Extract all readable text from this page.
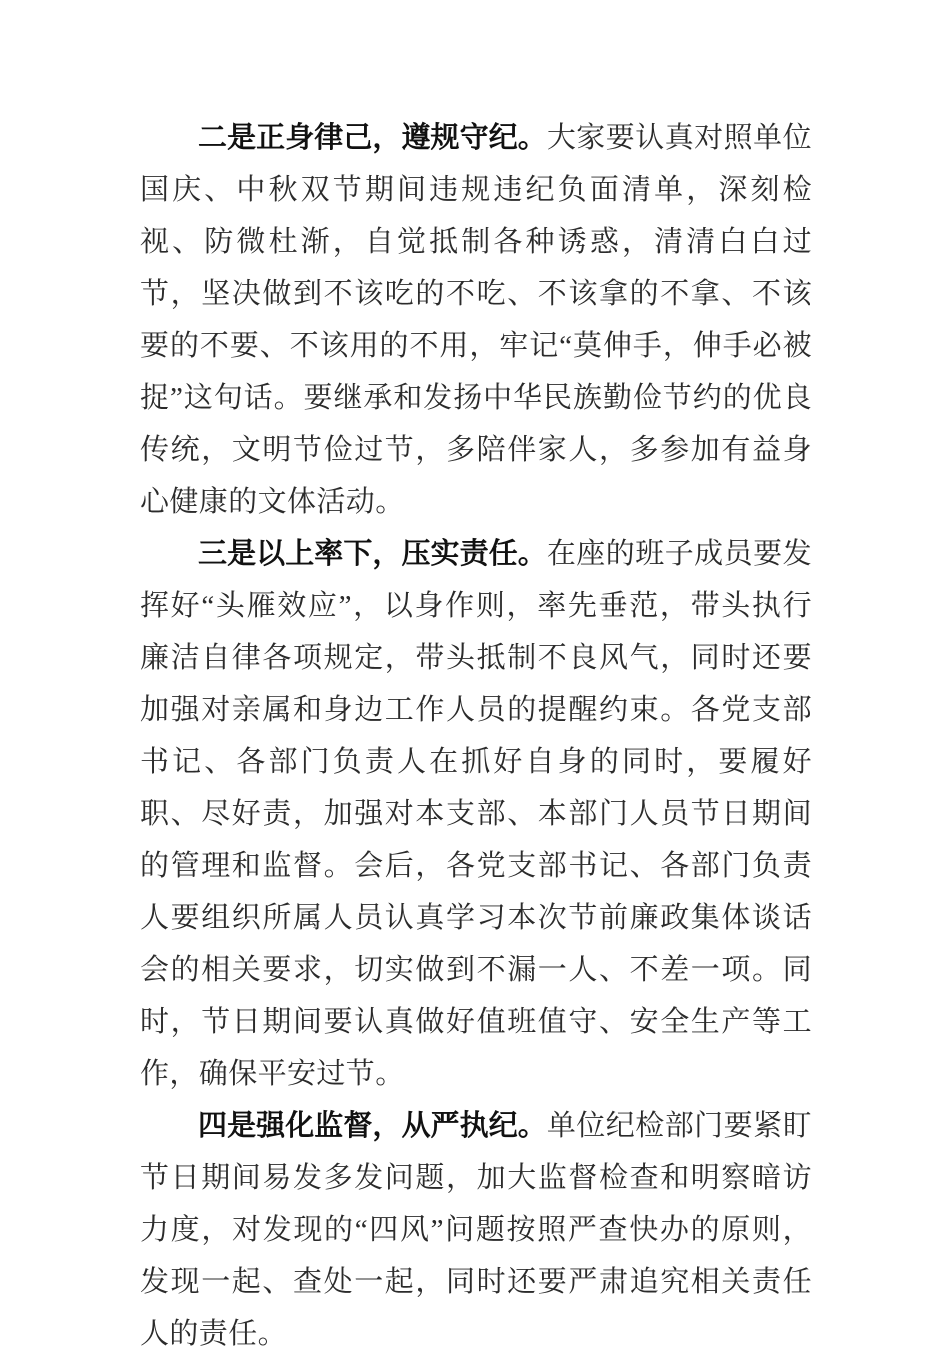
二是正身律己，遵规守纪。大家要认真对照单位国庆、中秋双节期间违规违纪负面清单，深刻检视、防微杜渐，自觉抵制各种诱惑，清清白白过节，坚决做到不该吃的不吃、不该拿的不拿、不该要的不要、不该用的不用，牢记“莫伸手，伸手必被捉”这句话。要继承和发扬中华民族勤俭节约的优良传统，文明节俭过节，多陪伴家人，多参加有益身心健康的文体活动。

三是以上率下，压实责任。在座的班子成员要发挥好“头雁效应”，以身作则，率先垂范，带头执行廉洁自律各项规定，带头抵制不良风气，同时还要加强对亲属和身边工作人员的提醒约束。各党支部书记、各部门负责人在抓好自身的同时，要履好职、尽好责，加强对本支部、本部门人员节日期间的管理和监督。会后，各党支部书记、各部门负责人要组织所属人员认真学习本次节前廉政集体谈话会的相关要求，切实做到不漏一人、不差一项。同时，节日期间要认真做好值班值守、安全生产等工作，确保平安过节。

四是强化监督，从严执纪。单位纪检部门要紧盯节日期间易发多发问题，加大监督检查和明察暗访力度，对发现的“四风”问题按照严查快办的原则，发现一起、查处一起，同时还要严肃追究相关责任人的责任。
